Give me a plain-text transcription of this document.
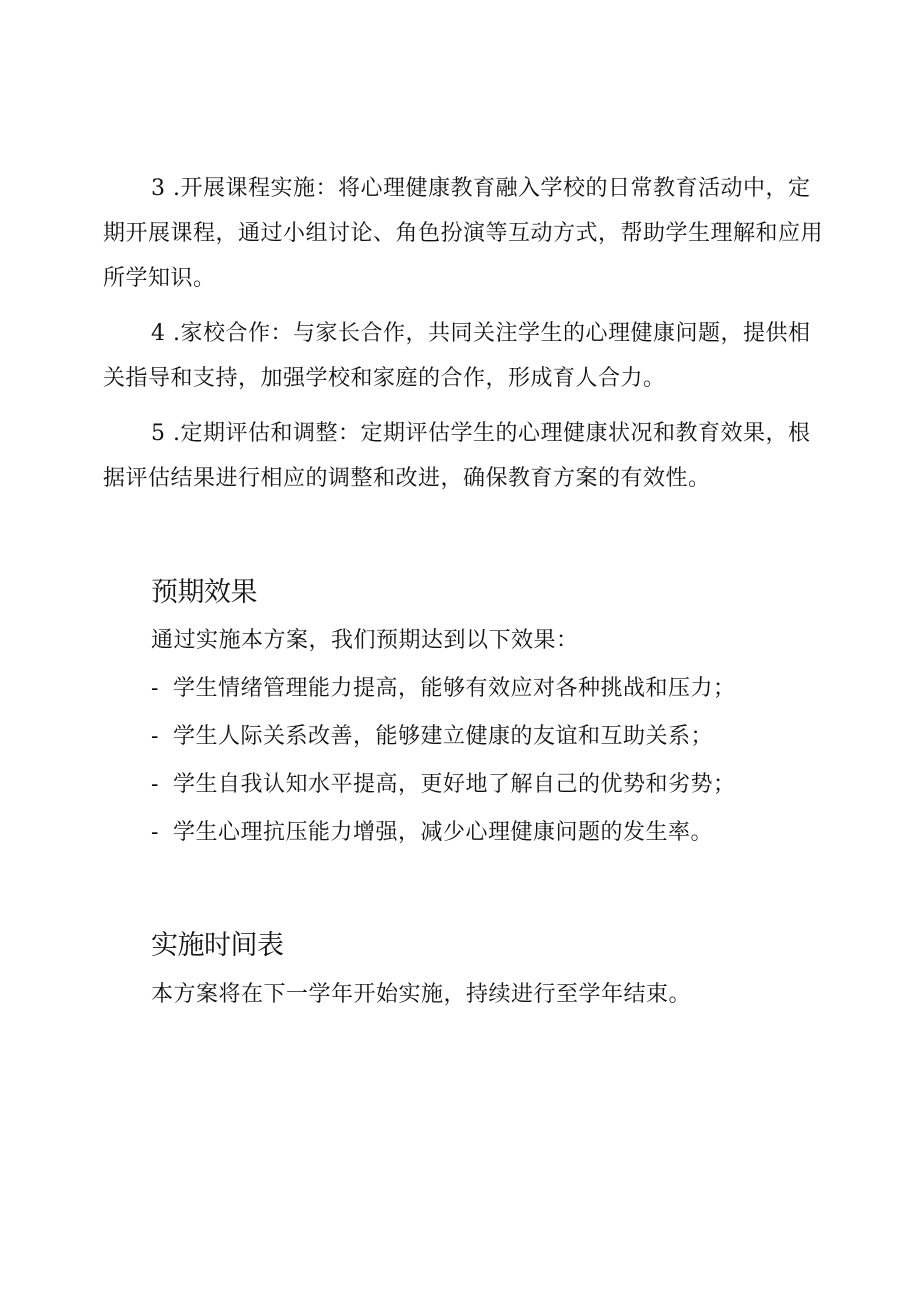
3 .开展课程实施：将心理健康教育融入学校的日常教育活动中，定期开展课程，通过小组讨论、角色扮演等互动方式，帮助学生理解和应用所学知识。

4 .家校合作：与家长合作，共同关注学生的心理健康问题，提供相关指导和支持，加强学校和家庭的合作，形成育人合力。

5 .定期评估和调整：定期评估学生的心理健康状况和教育效果，根据评估结果进行相应的调整和改进，确保教育方案的有效性。

预期效果

通过实施本方案，我们预期达到以下效果：

- 学生情绪管理能力提高，能够有效应对各种挑战和压力；

- 学生人际关系改善，能够建立健康的友谊和互助关系；

- 学生自我认知水平提高，更好地了解自己的优势和劣势；

- 学生心理抗压能力增强，减少心理健康问题的发生率。

实施时间表

本方案将在下一学年开始实施，持续进行至学年结束。
